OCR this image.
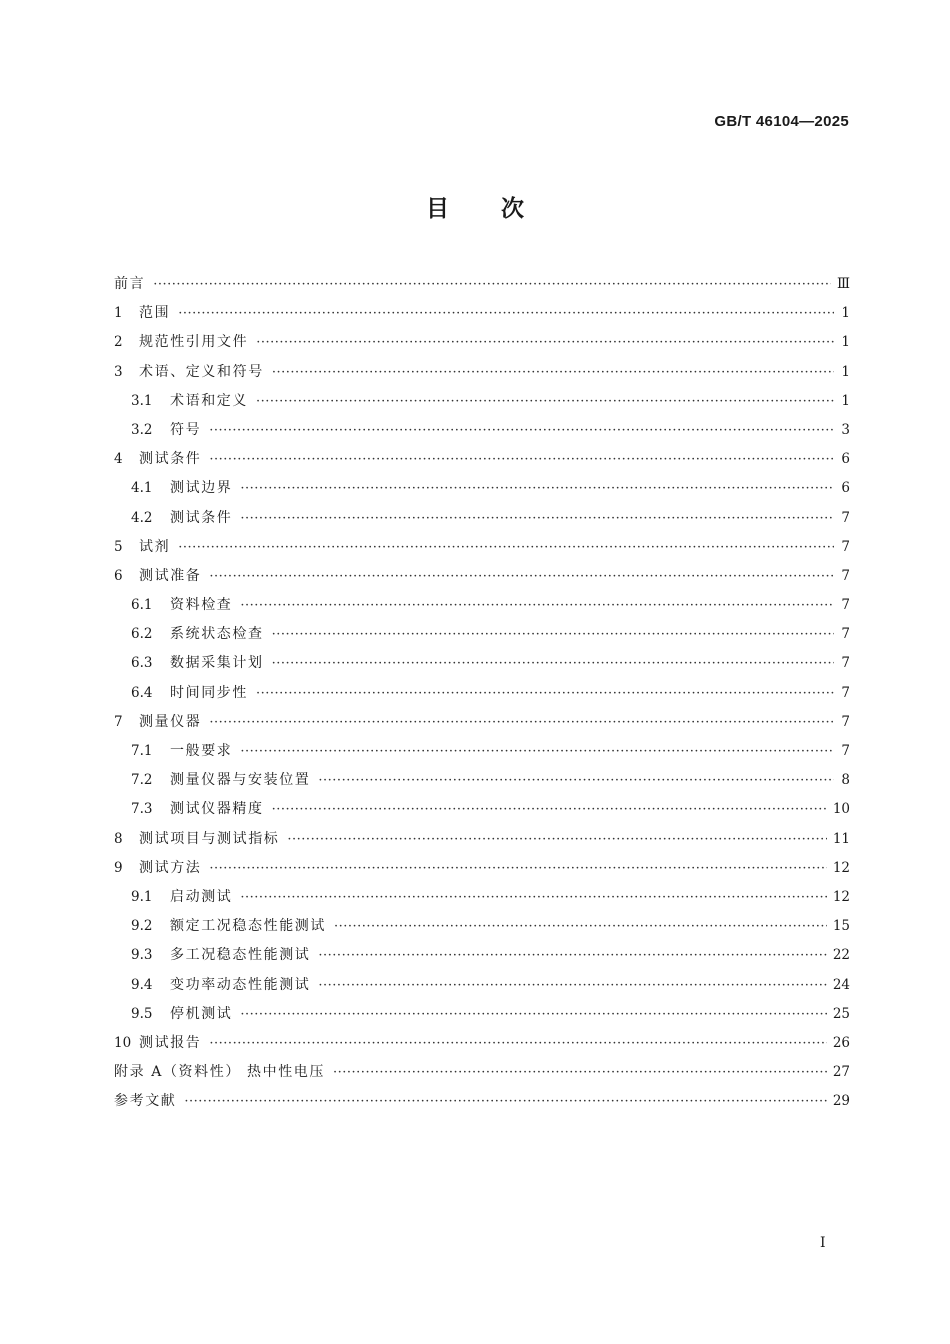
GB/T 46104—2025
目 次
前言 ·····	Ⅲ
1	范围 ·····	1
2	规范性引用文件 ·····	1
3	术语、定义和符号 ·····	1
3.1	术语和定义 ·····	1
3.2	符号 ·····	3
4	测试条件 ·····	6
4.1	测试边界 ·····	6
4.2	测试条件 ·····	7
5	试剂 ·····	7
6	测试准备 ·····	7
6.1	资料检查 ·····	7
6.2	系统状态检查 ·····	7
6.3	数据采集计划 ·····	7
6.4	时间同步性 ·····	7
7	测量仪器 ·····	7
7.1	一般要求 ·····	7
7.2	测量仪器与安装位置 ·····	8
7.3	测试仪器精度 ·····	10
8	测试项目与测试指标 ·····	11
9	测试方法 ·····	12
9.1	启动测试 ·····	12
9.2	额定工况稳态性能测试 ·····	15
9.3	多工况稳态性能测试 ·····	22
9.4	变功率动态性能测试 ·····	24
9.5	停机测试 ·····	25
10 测试报告 ·····	26
附录 A（资料性） 热中性电压 ·····	27
参考文献 ·····	29
Ⅰ
